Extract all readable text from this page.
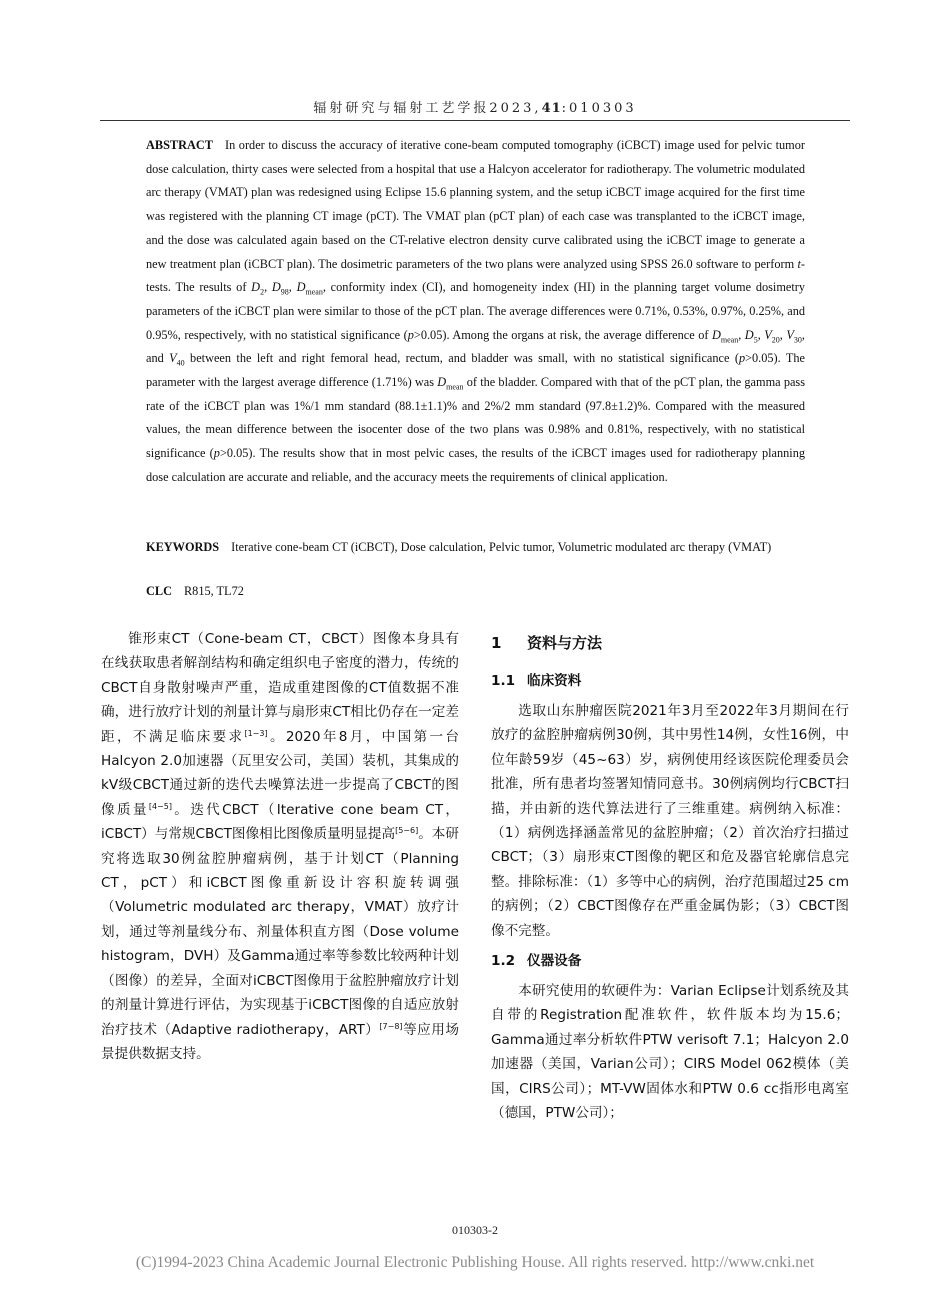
辐射研究与辐射工艺学报2023,41:010303
ABSTRACT In order to discuss the accuracy of iterative cone-beam computed tomography (iCBCT) image used for pelvic tumor dose calculation, thirty cases were selected from a hospital that use a Halcyon accelerator for radiotherapy. The volumetric modulated arc therapy (VMAT) plan was redesigned using Eclipse 15.6 planning system, and the setup iCBCT image acquired for the first time was registered with the planning CT image (pCT). The VMAT plan (pCT plan) of each case was transplanted to the iCBCT image, and the dose was calculated again based on the CT-relative electron density curve calibrated using the iCBCT image to generate a new treatment plan (iCBCT plan). The dosimetric parameters of the two plans were analyzed using SPSS 26.0 software to perform t-tests. The results of $D_2$, $D_{98}$, $D_{mean}$, conformity index (CI), and homogeneity index (HI) in the planning target volume dosimetry parameters of the iCBCT plan were similar to those of the pCT plan. The average differences were 0.71%, 0.53%, 0.97%, 0.25%, and 0.95%, respectively, with no statistical significance (p>0.05). Among the organs at risk, the average difference of $D_{mean}$, $D_5$, $V_{20}$, $V_{30}$, and $V_{40}$ between the left and right femoral head, rectum, and bladder was small, with no statistical significance (p>0.05). The parameter with the largest average difference (1.71%) was $D_{mean}$ of the bladder. Compared with that of the pCT plan, the gamma pass rate of the iCBCT plan was 1%/1 mm standard (88.1±1.1)% and 2%/2 mm standard (97.8±1.2)%. Compared with the measured values, the mean difference between the isocenter dose of the two plans was 0.98% and 0.81%, respectively, with no statistical significance (p>0.05). The results show that in most pelvic cases, the results of the iCBCT images used for radiotherapy planning dose calculation are accurate and reliable, and the accuracy meets the requirements of clinical application.
KEYWORDS Iterative cone-beam CT (iCBCT), Dose calculation, Pelvic tumor, Volumetric modulated arc therapy (VMAT)
CLC R815, TL72

锥形束CT（Cone-beam CT，CBCT）图像本身具有在线获取患者解剖结构和确定组织电子密度的潜力，传统的CBCT自身散射噪声严重，造成重建图像的CT值数据不准确，进行放疗计划的剂量计算与扇形束CT相比仍存在一定差距，不满足临床要求[1−3]。2020年8月，中国第一台Halcyon 2.0加速器（瓦里安公司，美国）装机，其集成的kV级CBCT通过新的迭代去噪算法进一步提高了CBCT的图像质量[4−5]。迭代CBCT（Iterative cone beam CT，iCBCT）与常规CBCT图像相比图像质量明显提高[5−6]。本研究将选取30例盆腔肿瘤病例，基于计划CT（Planning CT，pCT）和iCBCT图像重新设计容积旋转调强（Volumetric modulated arc therapy，VMAT）放疗计划，通过等剂量线分布、剂量体积直方图（Dose volume histogram，DVH）及Gamma通过率等参数比较两种计划（图像）的差异，全面对iCBCT图像用于盆腔肿瘤放疗计划的剂量计算进行评估，为实现基于iCBCT图像的自适应放射治疗技术（Adaptive radiotherapy，ART）[7−8]等应用场景提供数据支持。

1 资料与方法
1.1 临床资料

选取山东肿瘤医院2021年3月至2022年3月期间在行放疗的盆腔肿瘤病例30例，其中男性14例，女性16例，中位年龄59岁（45~63）岁，病例使用经该医院伦理委员会批准，所有患者均签署知情同意书。30例病例均行CBCT扫描，并由新的迭代算法进行了三维重建。病例纳入标准：（1）病例选择涵盖常见的盆腔肿瘤；（2）首次治疗扫描过CBCT；（3）扇形束CT图像的靶区和危及器官轮廓信息完整。排除标准：（1）多等中心的病例，治疗范围超过25 cm的病例；（2）CBCT图像存在严重金属伪影；（3）CBCT图像不完整。

1.2 仪器设备

本研究使用的软硬件为：Varian Eclipse计划系统及其自带的Registration配准软件，软件版本均为15.6；Gamma通过率分析软件PTW verisoft 7.1；Halcyon 2.0加速器（美国，Varian公司）；CIRS Model 062模体（美国，CIRS公司）；MT-VW固体水和PTW 0.6 cc指形电离室（德国，PTW公司）；

010303-2
(C)1994-2023 China Academic Journal Electronic Publishing House. All rights reserved. http://www.cnki.net
